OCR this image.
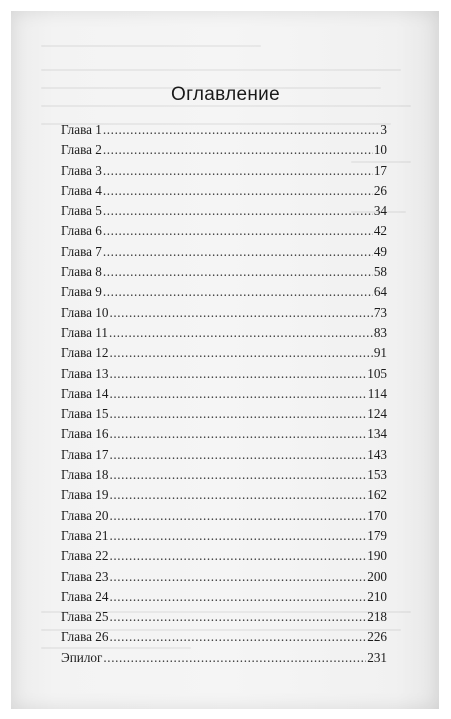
Оглавление
Глава 1 .....	3
Глава 2 .....	10
Глава 3 .....	17
Глава 4 .....	26
Глава 5 .....	34
Глава 6 .....	42
Глава 7 .....	49
Глава 8 .....	58
Глава 9 .....	64
Глава 10 .....	73
Глава 11 .....	83
Глава 12 .....	91
Глава 13 .....	105
Глава 14 .....	114
Глава 15 .....	124
Глава 16 .....	134
Глава 17 .....	143
Глава 18 .....	153
Глава 19 .....	162
Глава 20 .....	170
Глава 21 .....	179
Глава 22 .....	190
Глава 23 .....	200
Глава 24 .....	210
Глава 25 .....	218
Глава 26 .....	226
Эпилог .....	231
